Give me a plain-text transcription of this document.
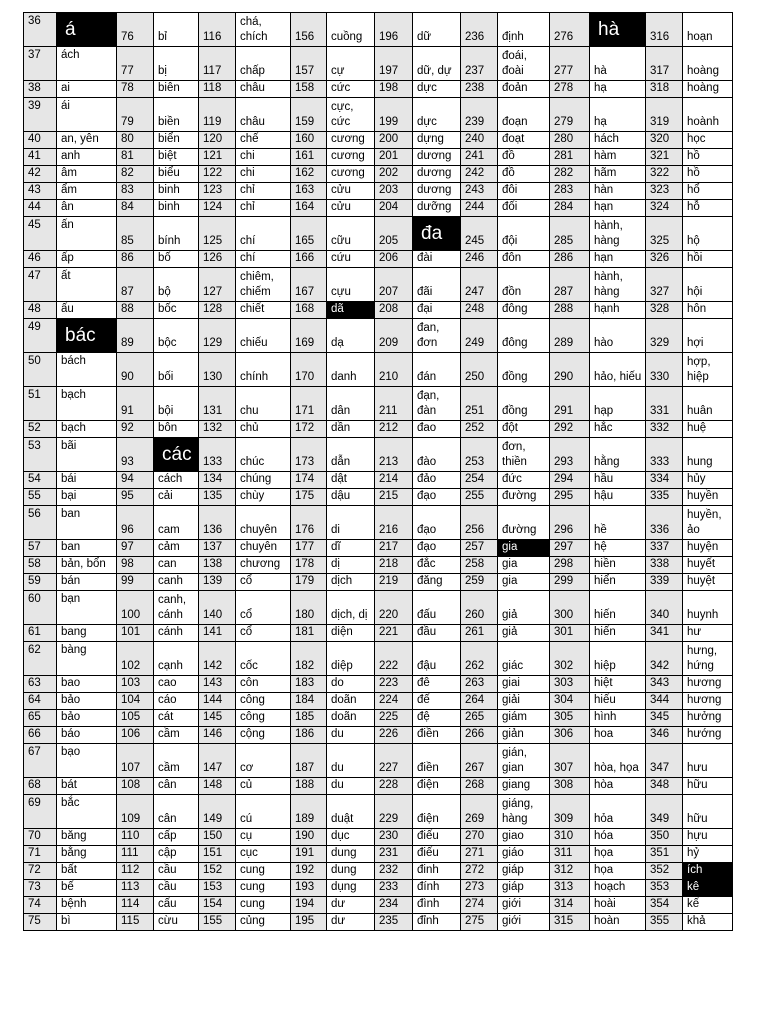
36	á	76	bỉ	116	chá, chích	156	cuồng	196	dữ	236	định	276	hà	316	hoạn
37	ách	77	bị	117	chấp	157	cự	197	dữ, dự	237	đoái, đoài	277	hà	317	hoàng
38	ai	78	biên	118	châu	158	cức	198	dực	238	đoản	278	hạ	318	hoàng
39	ái	79	biền	119	châu	159	cực, cức	199	dực	239	đoạn	279	hạ	319	hoành
40	an, yên	80	biển	120	chế	160	cương	200	dựng	240	đoạt	280	hách	320	học
41	anh	81	biệt	121	chi	161	cương	201	dương	241	đồ	281	hàm	321	hồ
42	âm	82	biểu	122	chi	162	cương	202	dương	242	đồ	282	hãm	322	hồ
43	ẩm	83	binh	123	chỉ	163	cửu	203	dương	243	đôi	283	hàn	323	hổ
44	ân	84	binh	124	chỉ	164	cửu	204	dưỡng	244	đối	284	hạn	324	hỗ
45	ấn	85	bính	125	chí	165	cữu	205	đa	245	đội	285	hành, hàng	325	hộ
46	ấp	86	bố	126	chí	166	cứu	206	đài	246	đôn	286	hạn	326	hồi
47	ất	87	bộ	127	chiêm, chiếm	167	cựu	207	đãi	247	đồn	287	hành, hàng	327	hội
48	ấu	88	bốc	128	chiết	168	dã	208	đại	248	đông	288	hạnh	328	hôn
49	bác	89	bộc	129	chiếu	169	dạ	209	đan, đơn	249	đông	289	hào	329	hợi
50	bách	90	bối	130	chính	170	danh	210	đán	250	đồng	290	hảo, hiếu	330	hợp, hiệp
51	bạch	91	bội	131	chu	171	dân	211	đạn, đàn	251	đồng	291	hạp	331	huân
52	bạch	92	bôn	132	chủ	172	dần	212	đao	252	đột	292	hắc	332	huệ
53	bãi	93	các	133	chúc	173	dẫn	213	đào	253	đơn, thiền	293	hằng	333	hung
54	bái	94	cách	134	chúng	174	dật	214	đảo	254	đức	294	hầu	334	hủy
55	bại	95	cải	135	chùy	175	dậu	215	đạo	255	đường	295	hậu	335	huyền
56	ban	96	cam	136	chuyên	176	di	216	đạo	256	đường	296	hề	336	huyền, ảo
57	ban	97	cảm	137	chuyên	177	dĩ	217	đạo	257	gia	297	hệ	337	huyện
58	bản, bổn	98	can	138	chương	178	dị	218	đắc	258	gia	298	hiền	338	huyết
59	bán	99	canh	139	cổ	179	dịch	219	đăng	259	gia	299	hiển	339	huyệt
60	bạn	100	canh, cánh	140	cổ	180	dịch, dị	220	đấu	260	giả	300	hiến	340	huynh
61	bang	101	cánh	141	cổ	181	diện	221	đầu	261	giả	301	hiến	341	hư
62	bàng	102	cạnh	142	cốc	182	diệp	222	đậu	262	giác	302	hiệp	342	hưng, hứng
63	bao	103	cao	143	côn	183	do	223	đê	263	giai	303	hiệt	343	hương
64	bảo	104	cáo	144	công	184	doãn	224	đế	264	giải	304	hiếu	344	hương
65	bảo	105	cát	145	công	185	doãn	225	đệ	265	giám	305	hình	345	hưởng
66	báo	106	cầm	146	cộng	186	du	226	điền	266	giản	306	hoa	346	hướng
67	bạo	107	cầm	147	cơ	187	du	227	điền	267	gián, gian	307	hòa, họa	347	hưu
68	bát	108	cân	148	củ	188	du	228	điện	268	giang	308	hòa	348	hữu
69	bắc	109	cân	149	cú	189	duật	229	điện	269	giáng, hàng	309	hỏa	349	hữu
70	băng	110	cấp	150	cụ	190	dục	230	điếu	270	giao	310	hóa	350	hựu
71	bằng	111	cập	151	cục	191	dung	231	điếu	271	giáo	311	họa	351	hỷ
72	bất	112	cầu	152	cung	192	dung	232	đinh	272	giáp	312	họa	352	ích
73	bế	113	cầu	153	cung	193	dụng	233	đính	273	giáp	313	hoạch	353	kê
74	bệnh	114	cấu	154	cung	194	dư	234	đình	274	giới	314	hoài	354	kế
75	bì	115	cừu	155	củng	195	dư	235	đỉnh	275	giới	315	hoàn	355	khả
